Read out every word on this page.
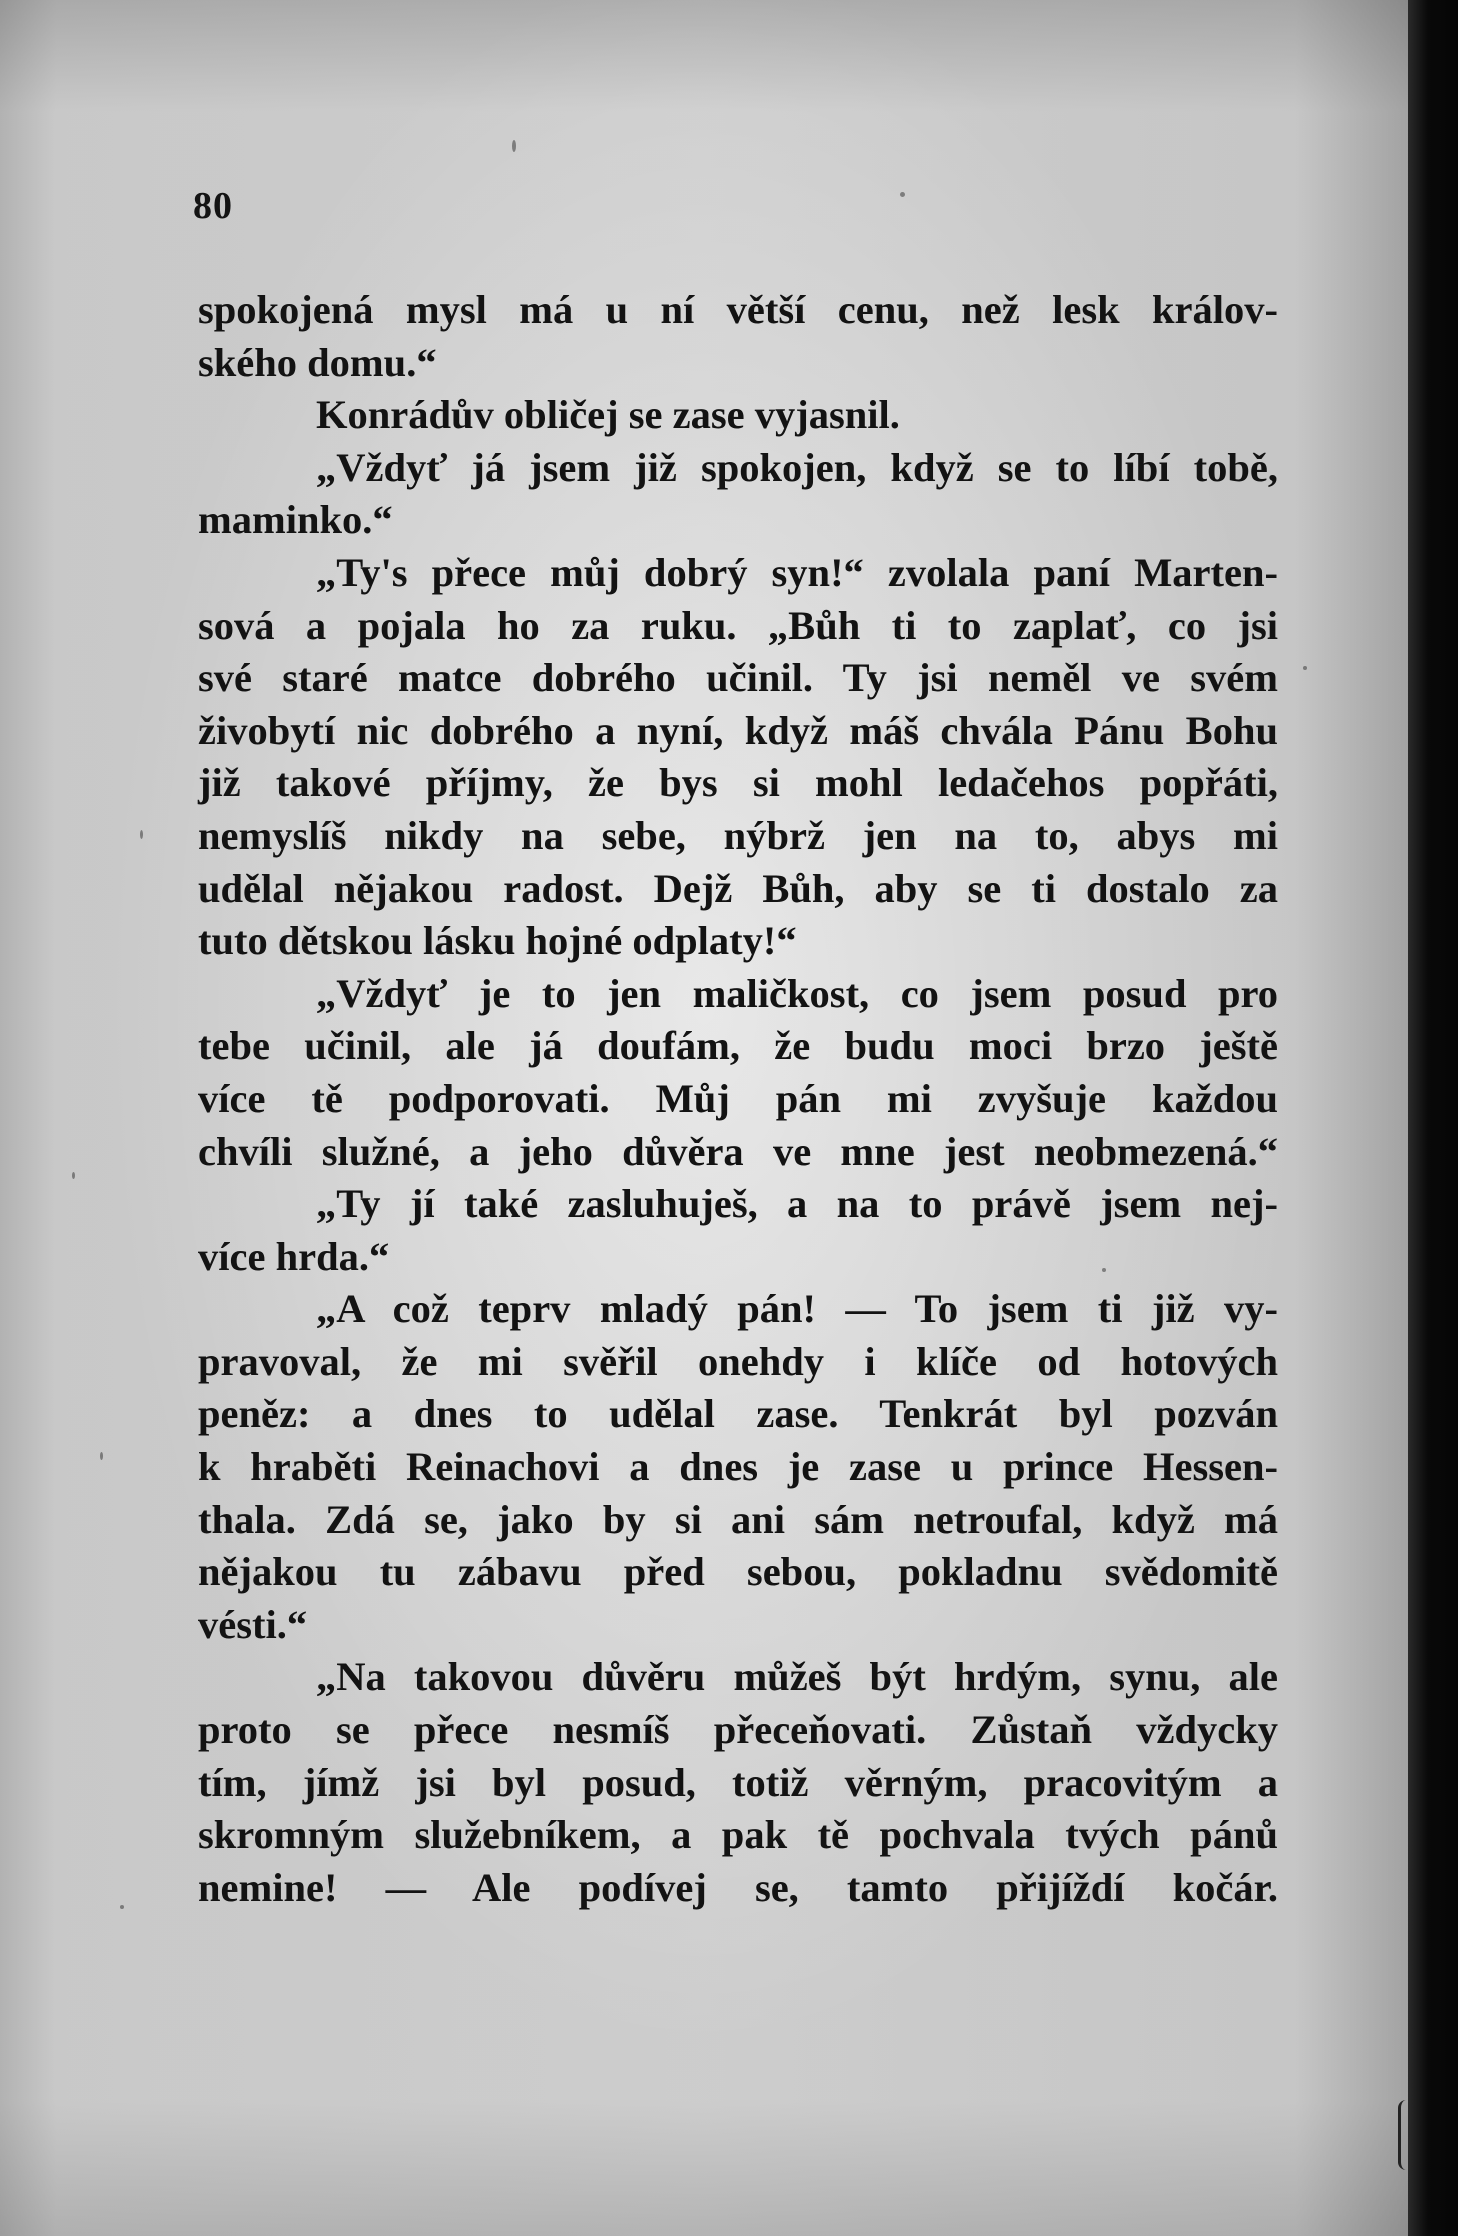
80
spokojená mysl má u ní větší cenu, než lesk králov-
ského domu.“
Konrádův obličej se zase vyjasnil.
„Vždyť já jsem již spokojen, když se to líbí tobě,
maminko.“
„Ty's přece můj dobrý syn!“ zvolala paní Marten-
sová a pojala ho za ruku. „Bůh ti to zaplať, co jsi
své staré matce dobrého učinil. Ty jsi neměl ve svém
živobytí nic dobrého a nyní, když máš chvála Pánu Bohu
již takové příjmy, že bys si mohl ledačehos popřáti,
nemyslíš nikdy na sebe, nýbrž jen na to, abys mi
udělal nějakou radost. Dejž Bůh, aby se ti dostalo za
tuto dětskou lásku hojné odplaty!“
„Vždyť je to jen maličkost, co jsem posud pro
tebe učinil, ale já doufám, že budu moci brzo ještě
více tě podporovati. Můj pán mi zvyšuje každou
chvíli služné, a jeho důvěra ve mne jest neobmezená.“
„Ty jí také zasluhuješ, a na to právě jsem nej-
více hrda.“
„A což teprv mladý pán! — To jsem ti již vy-
pravoval, že mi svěřil onehdy i klíče od hotových
peněz: a dnes to udělal zase. Tenkrát byl pozván
k hraběti Reinachovi a dnes je zase u prince Hessen-
thala. Zdá se, jako by si ani sám netroufal, když má
nějakou tu zábavu před sebou, pokladnu svědomitě
vésti.“
„Na takovou důvěru můžeš být hrdým, synu, ale
proto se přece nesmíš přeceňovati. Zůstaň vždycky
tím, jímž jsi byl posud, totiž věrným, pracovitým a
skromným služebníkem, a pak tě pochvala tvých pánů
nemine! — Ale podívej se, tamto přijíždí kočár.
